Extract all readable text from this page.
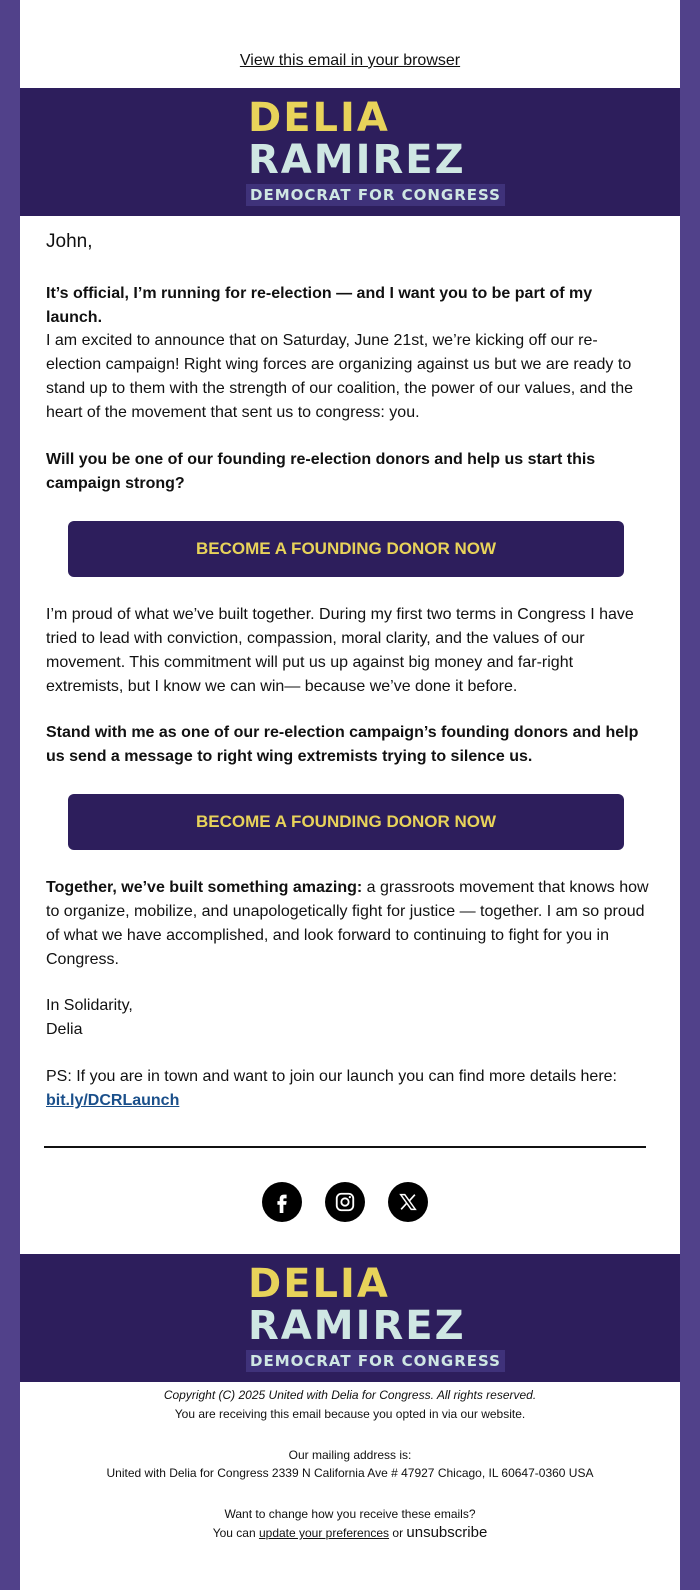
View this email in your browser
DELIA
RAMIREZ
DEMOCRAT FOR CONGRESS

John,

It’s official, I’m running for re-election — and I want you to be part of my launch.

I am excited to announce that on Saturday, June 21st, we’re kicking off our re-election campaign! Right wing forces are organizing against us but we are ready to stand up to them with the strength of our coalition, the power of our values, and the heart of the movement that sent us to congress: you.

Will you be one of our founding re-election donors and help us start this campaign strong?

BECOME A FOUNDING DONOR NOW

I’m proud of what we’ve built together. During my first two terms in Congress I have tried to lead with conviction, compassion, moral clarity, and the values of our movement. This commitment will put us up against big money and far-right extremists, but I know we can win— because we’ve done it before.

Stand with me as one of our re-election campaign’s founding donors and help us send a message to right wing extremists trying to silence us.

BECOME A FOUNDING DONOR NOW

Together, we’ve built something amazing: a grassroots movement that knows how to organize, mobilize, and unapologetically fight for justice — together. I am so proud of what we have accomplished, and look forward to continuing to fight for you in Congress.

In Solidarity,

Delia

PS: If you are in town and want to join our launch you can find more details here:

bit.ly/DCRLaunch

DELIA
RAMIREZ
DEMOCRAT FOR CONGRESS
Copyright (C) 2025 United with Delia for Congress. All rights reserved.
You are receiving this email because you opted in via our website.
Our mailing address is:
United with Delia for Congress 2339 N California Ave # 47927 Chicago, IL 60647-0360 USA
Want to change how you receive these emails?
You can update your preferences or unsubscribe
